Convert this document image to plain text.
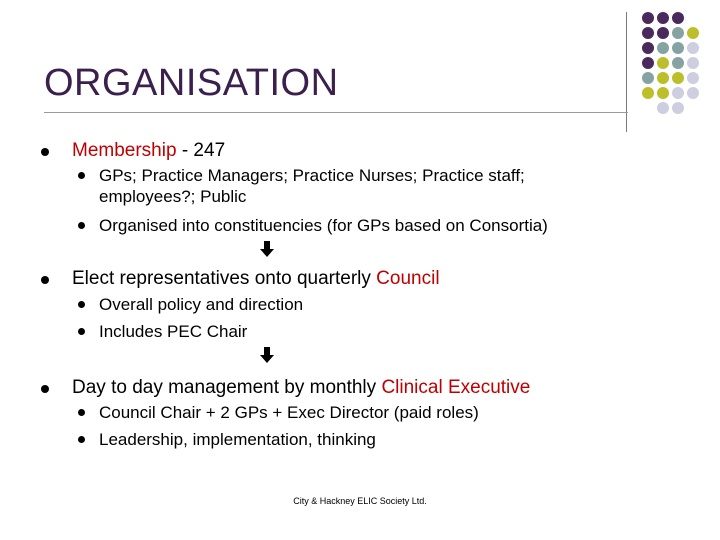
ORGANISATION
Membership - 247
GPs; Practice Managers; Practice Nurses; Practice staff;
employees?; Public
Organised into constituencies (for GPs based on Consortia)
Elect representatives onto quarterly Council
Overall policy and direction
Includes PEC Chair
Day to day management by monthly Clinical Executive
Council Chair + 2 GPs + Exec Director (paid roles)
Leadership, implementation, thinking
City & Hackney ELIC Society Ltd.
